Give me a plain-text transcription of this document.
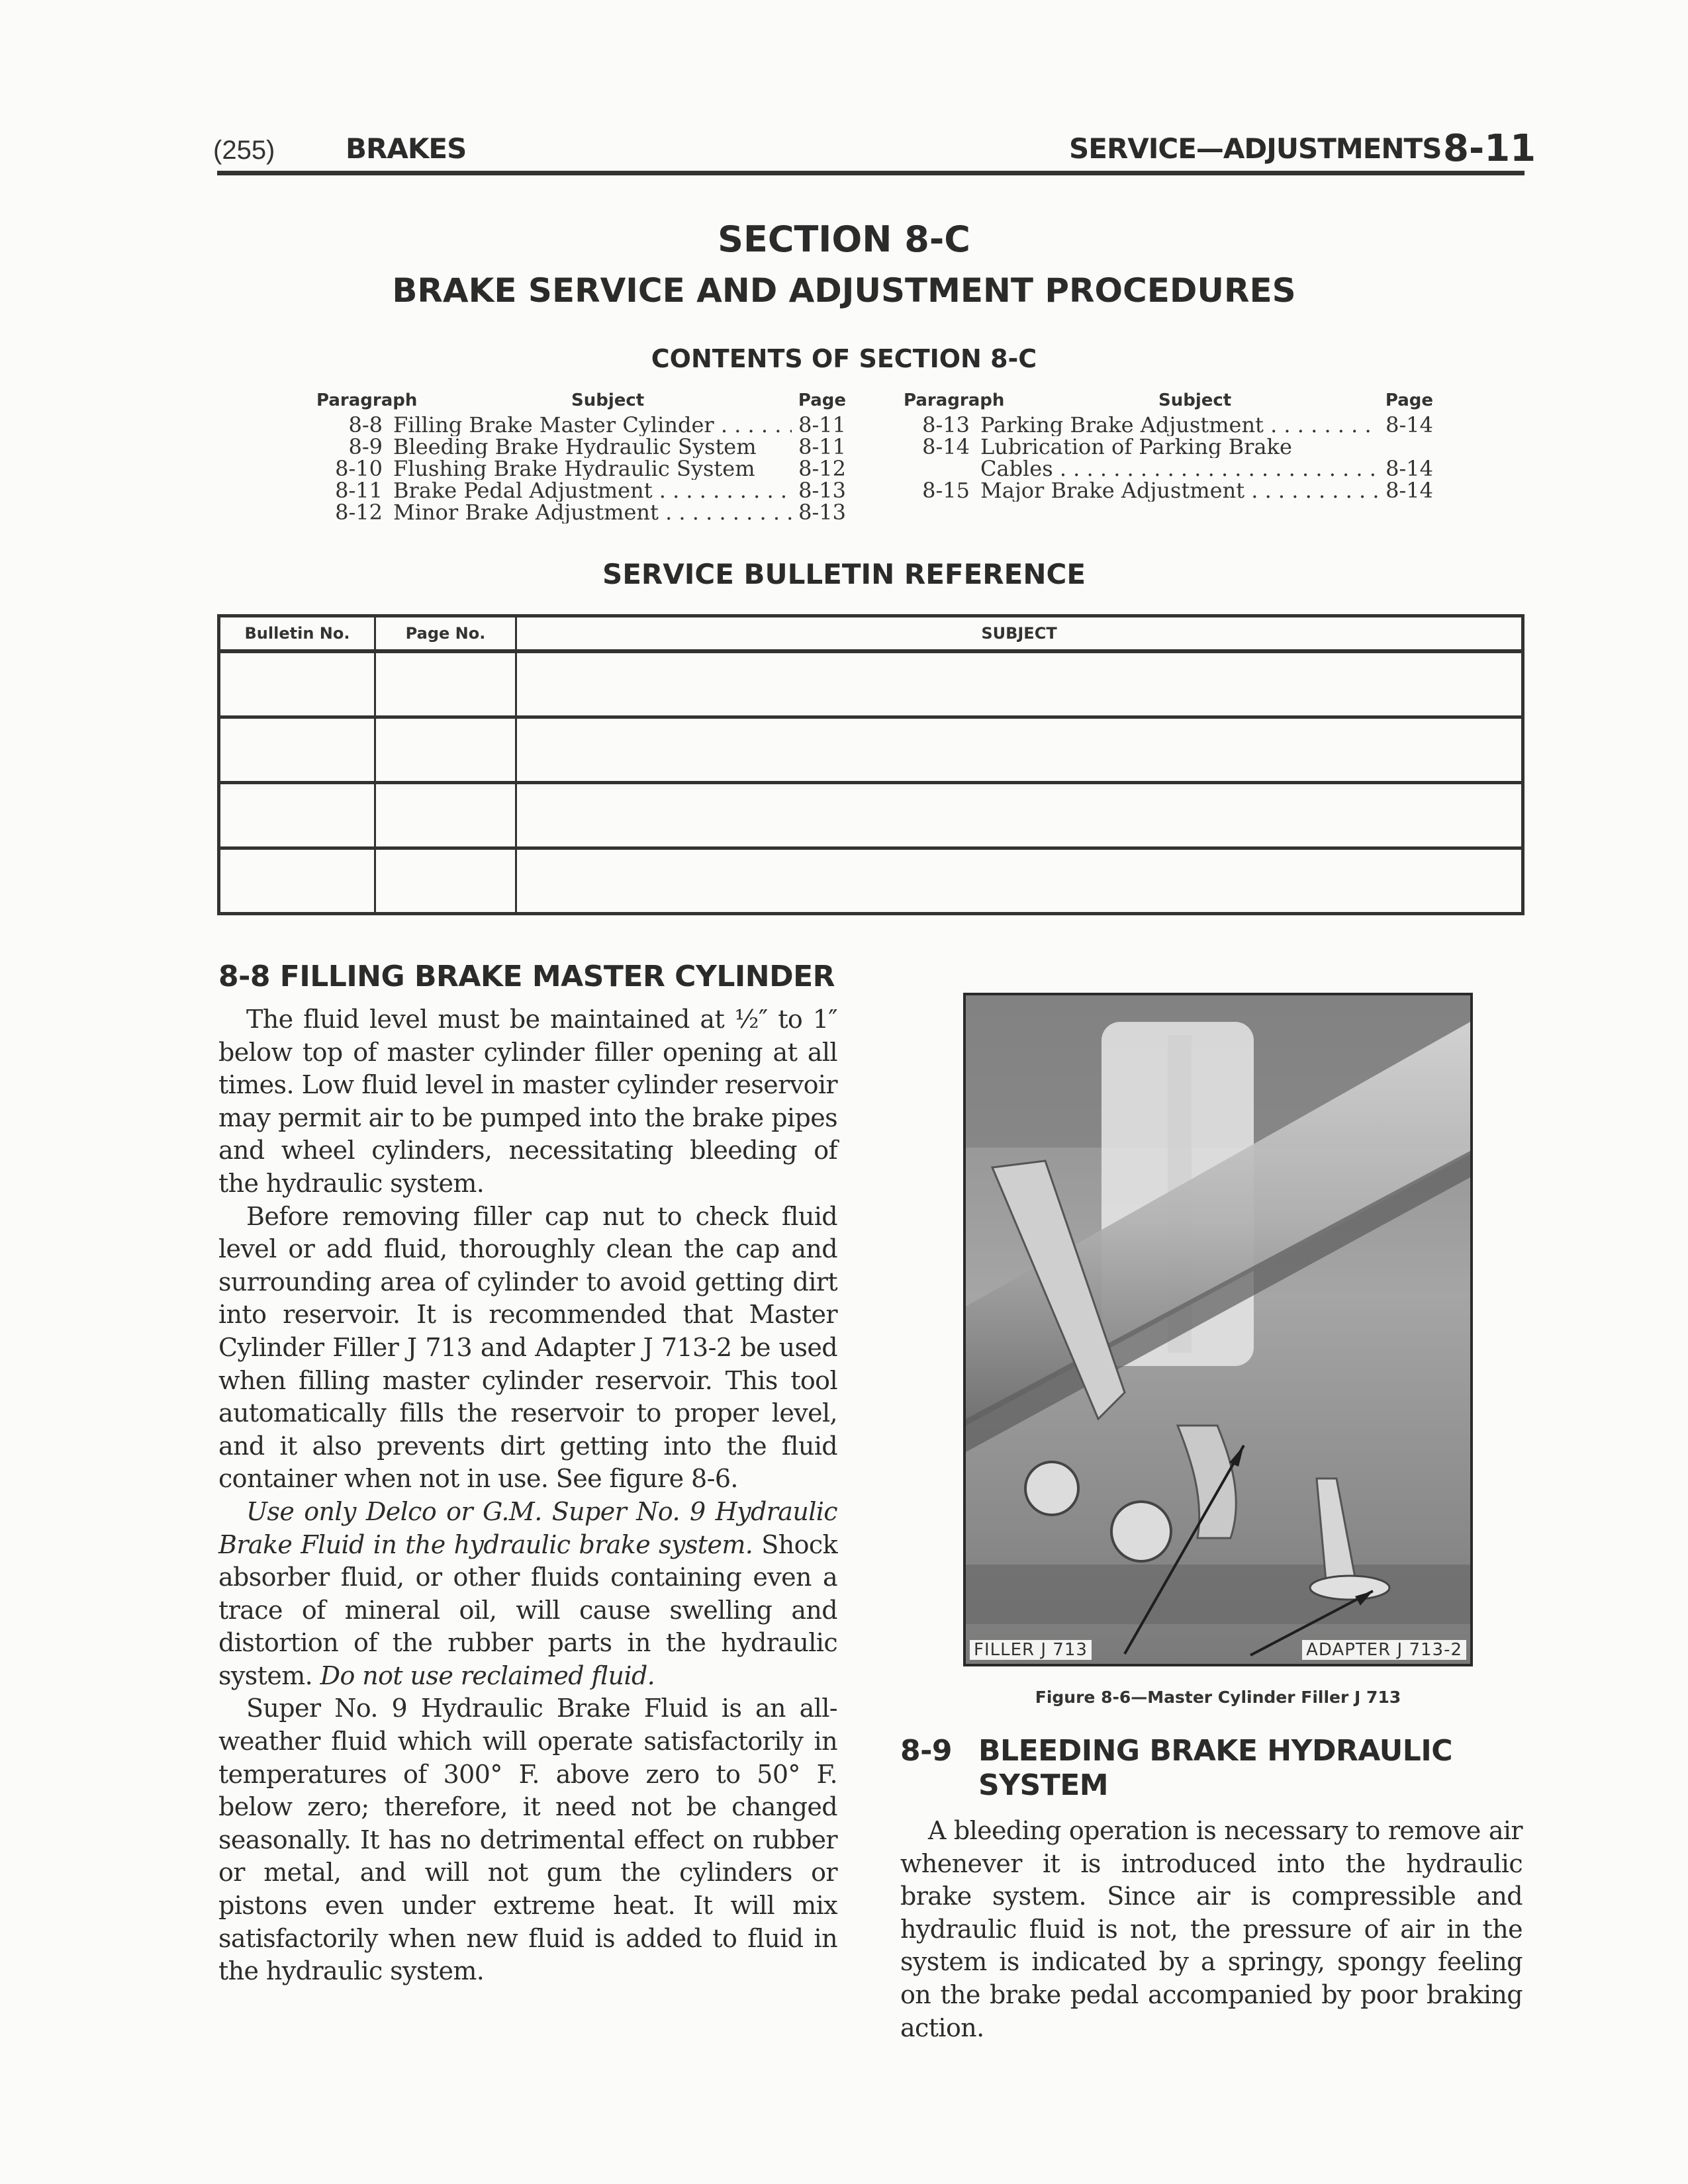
(255)	BRAKES	SERVICE—ADJUSTMENTS 8-11
SECTION 8-C
BRAKE SERVICE AND ADJUSTMENT PROCEDURES
CONTENTS OF SECTION 8-C
Paragraph	Subject	Page
8-8 Filling Brake Master Cylinder . . .	8-11
8-9 Bleeding Brake Hydraulic System	8-11
8-10 Flushing Brake Hydraulic System	8-12
8-11 Brake Pedal Adjustment . . .	8-13
8-12 Minor Brake Adjustment . . .	8-13
Paragraph	Subject	Page
8-13 Parking Brake Adjustment . . .	8-14
8-14 Lubrication of Parking Brake
Cables . . .	8-14
8-15 Major Brake Adjustment . . .	8-14
SERVICE BULLETIN REFERENCE
Bulletin No.	Page No.	SUBJECT

8-8 FILLING BRAKE MASTER CYLINDER

The fluid level must be maintained at ½″ to 1″ below top of master cylinder filler opening at all times. Low fluid level in master cylinder reservoir may permit air to be pumped into the brake pipes and wheel cylinders, necessitating bleeding of the hydraulic system.

Before removing filler cap nut to check fluid level or add fluid, thoroughly clean the cap and surrounding area of cylinder to avoid getting dirt into reservoir. It is recommended that Master Cylinder Filler J 713 and Adapter J 713-2 be used when filling master cylinder reservoir. This tool automatically fills the reservoir to proper level, and it also prevents dirt getting into the fluid container when not in use. See figure 8-6.

Use only Delco or G.M. Super No. 9 Hydraulic Brake Fluid in the hydraulic brake system. Shock absorber fluid, or other fluids containing even a trace of mineral oil, will cause swelling and distortion of the rubber parts in the hydraulic system. Do not use reclaimed fluid.

Super No. 9 Hydraulic Brake Fluid is an all-weather fluid which will operate satisfactorily in temperatures of 300° F. above zero to 50° F. below zero; therefore, it need not be changed seasonally. It has no detrimental effect on rubber or metal, and will not gum the cylinders or pistons even under extreme heat. It will mix satisfactorily when new fluid is added to fluid in the hydraulic system.

FILLER J 713	ADAPTER J 713-2
Figure 8-6—Master Cylinder Filler J 713
8-9 BLEEDING BRAKE HYDRAULIC SYSTEM

A bleeding operation is necessary to remove air whenever it is introduced into the hydraulic brake system. Since air is compressible and hydraulic fluid is not, the pressure of air in the system is indicated by a springy, spongy feeling on the brake pedal accompanied by poor braking action.
